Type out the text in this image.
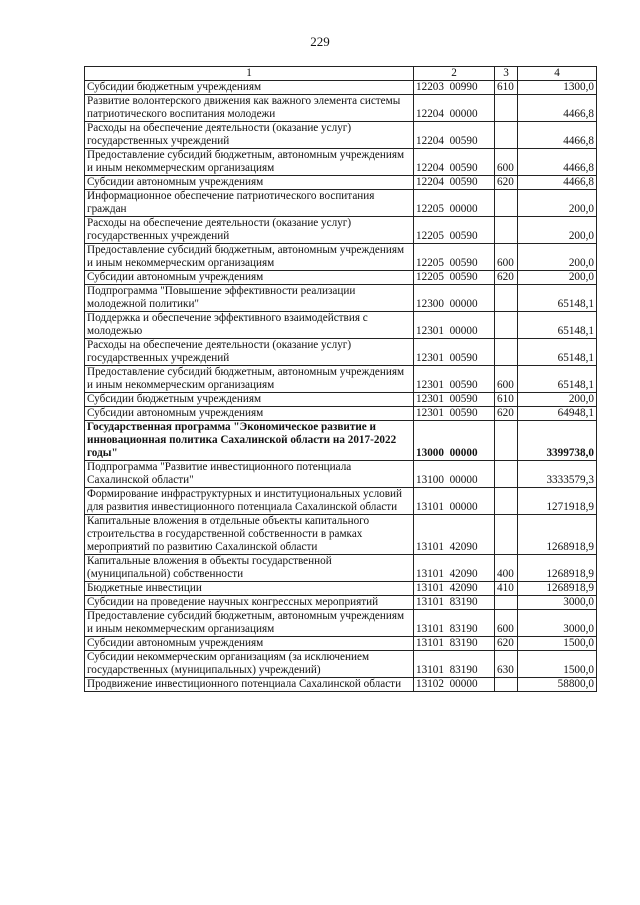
229
1	2	3	4
Субсидии бюджетным учреждениям	12203  00990	610	1300,0
Развитие волонтерского движения как важного элемента системы патриотического воспитания молодежи	12204  00000		4466,8
Расходы на обеспечение деятельности (оказание услуг) государственных учреждений	12204  00590		4466,8
Предоставление субсидий бюджетным, автономным учреждениям и иным некоммерческим организациям	12204  00590	600	4466,8
Субсидии автономным учреждениям	12204  00590	620	4466,8
Информационное обеспечение патриотического воспитания граждан	12205  00000		200,0
Расходы на обеспечение деятельности (оказание услуг) государственных учреждений	12205  00590		200,0
Предоставление субсидий бюджетным, автономным учреждениям и иным некоммерческим организациям	12205  00590	600	200,0
Субсидии автономным учреждениям	12205  00590	620	200,0
Подпрограмма "Повышение эффективности реализации молодежной политики"	12300  00000		65148,1
Поддержка и обеспечение эффективного взаимодействия с молодежью	12301  00000		65148,1
Расходы на обеспечение деятельности (оказание услуг) государственных учреждений	12301  00590		65148,1
Предоставление субсидий бюджетным, автономным учреждениям и иным некоммерческим организациям	12301  00590	600	65148,1
Субсидии бюджетным учреждениям	12301  00590	610	200,0
Субсидии автономным учреждениям	12301  00590	620	64948,1
Государственная программа "Экономическое развитие и инновационная политика Сахалинской области на 2017-2022 годы"	13000  00000		3399738,0
Подпрограмма "Развитие инвестиционного потенциала Сахалинской области"	13100  00000		3333579,3
Формирование инфраструктурных и институциональных условий для развития инвестиционного потенциала Сахалинской области	13101  00000		1271918,9
Капитальные вложения в отдельные объекты капитального строительства в государственной собственности в рамках мероприятий по развитию Сахалинской области	13101  42090		1268918,9
Капитальные вложения в объекты государственной (муниципальной) собственности	13101  42090	400	1268918,9
Бюджетные инвестиции	13101  42090	410	1268918,9
Субсидии на проведение научных конгрессных мероприятий	13101  83190		3000,0
Предоставление субсидий бюджетным, автономным учреждениям и иным некоммерческим организациям	13101  83190	600	3000,0
Субсидии автономным учреждениям	13101  83190	620	1500,0
Субсидии некоммерческим организациям (за исключением государственных (муниципальных) учреждений)	13101  83190	630	1500,0
Продвижение инвестиционного потенциала Сахалинской области	13102  00000		58800,0
